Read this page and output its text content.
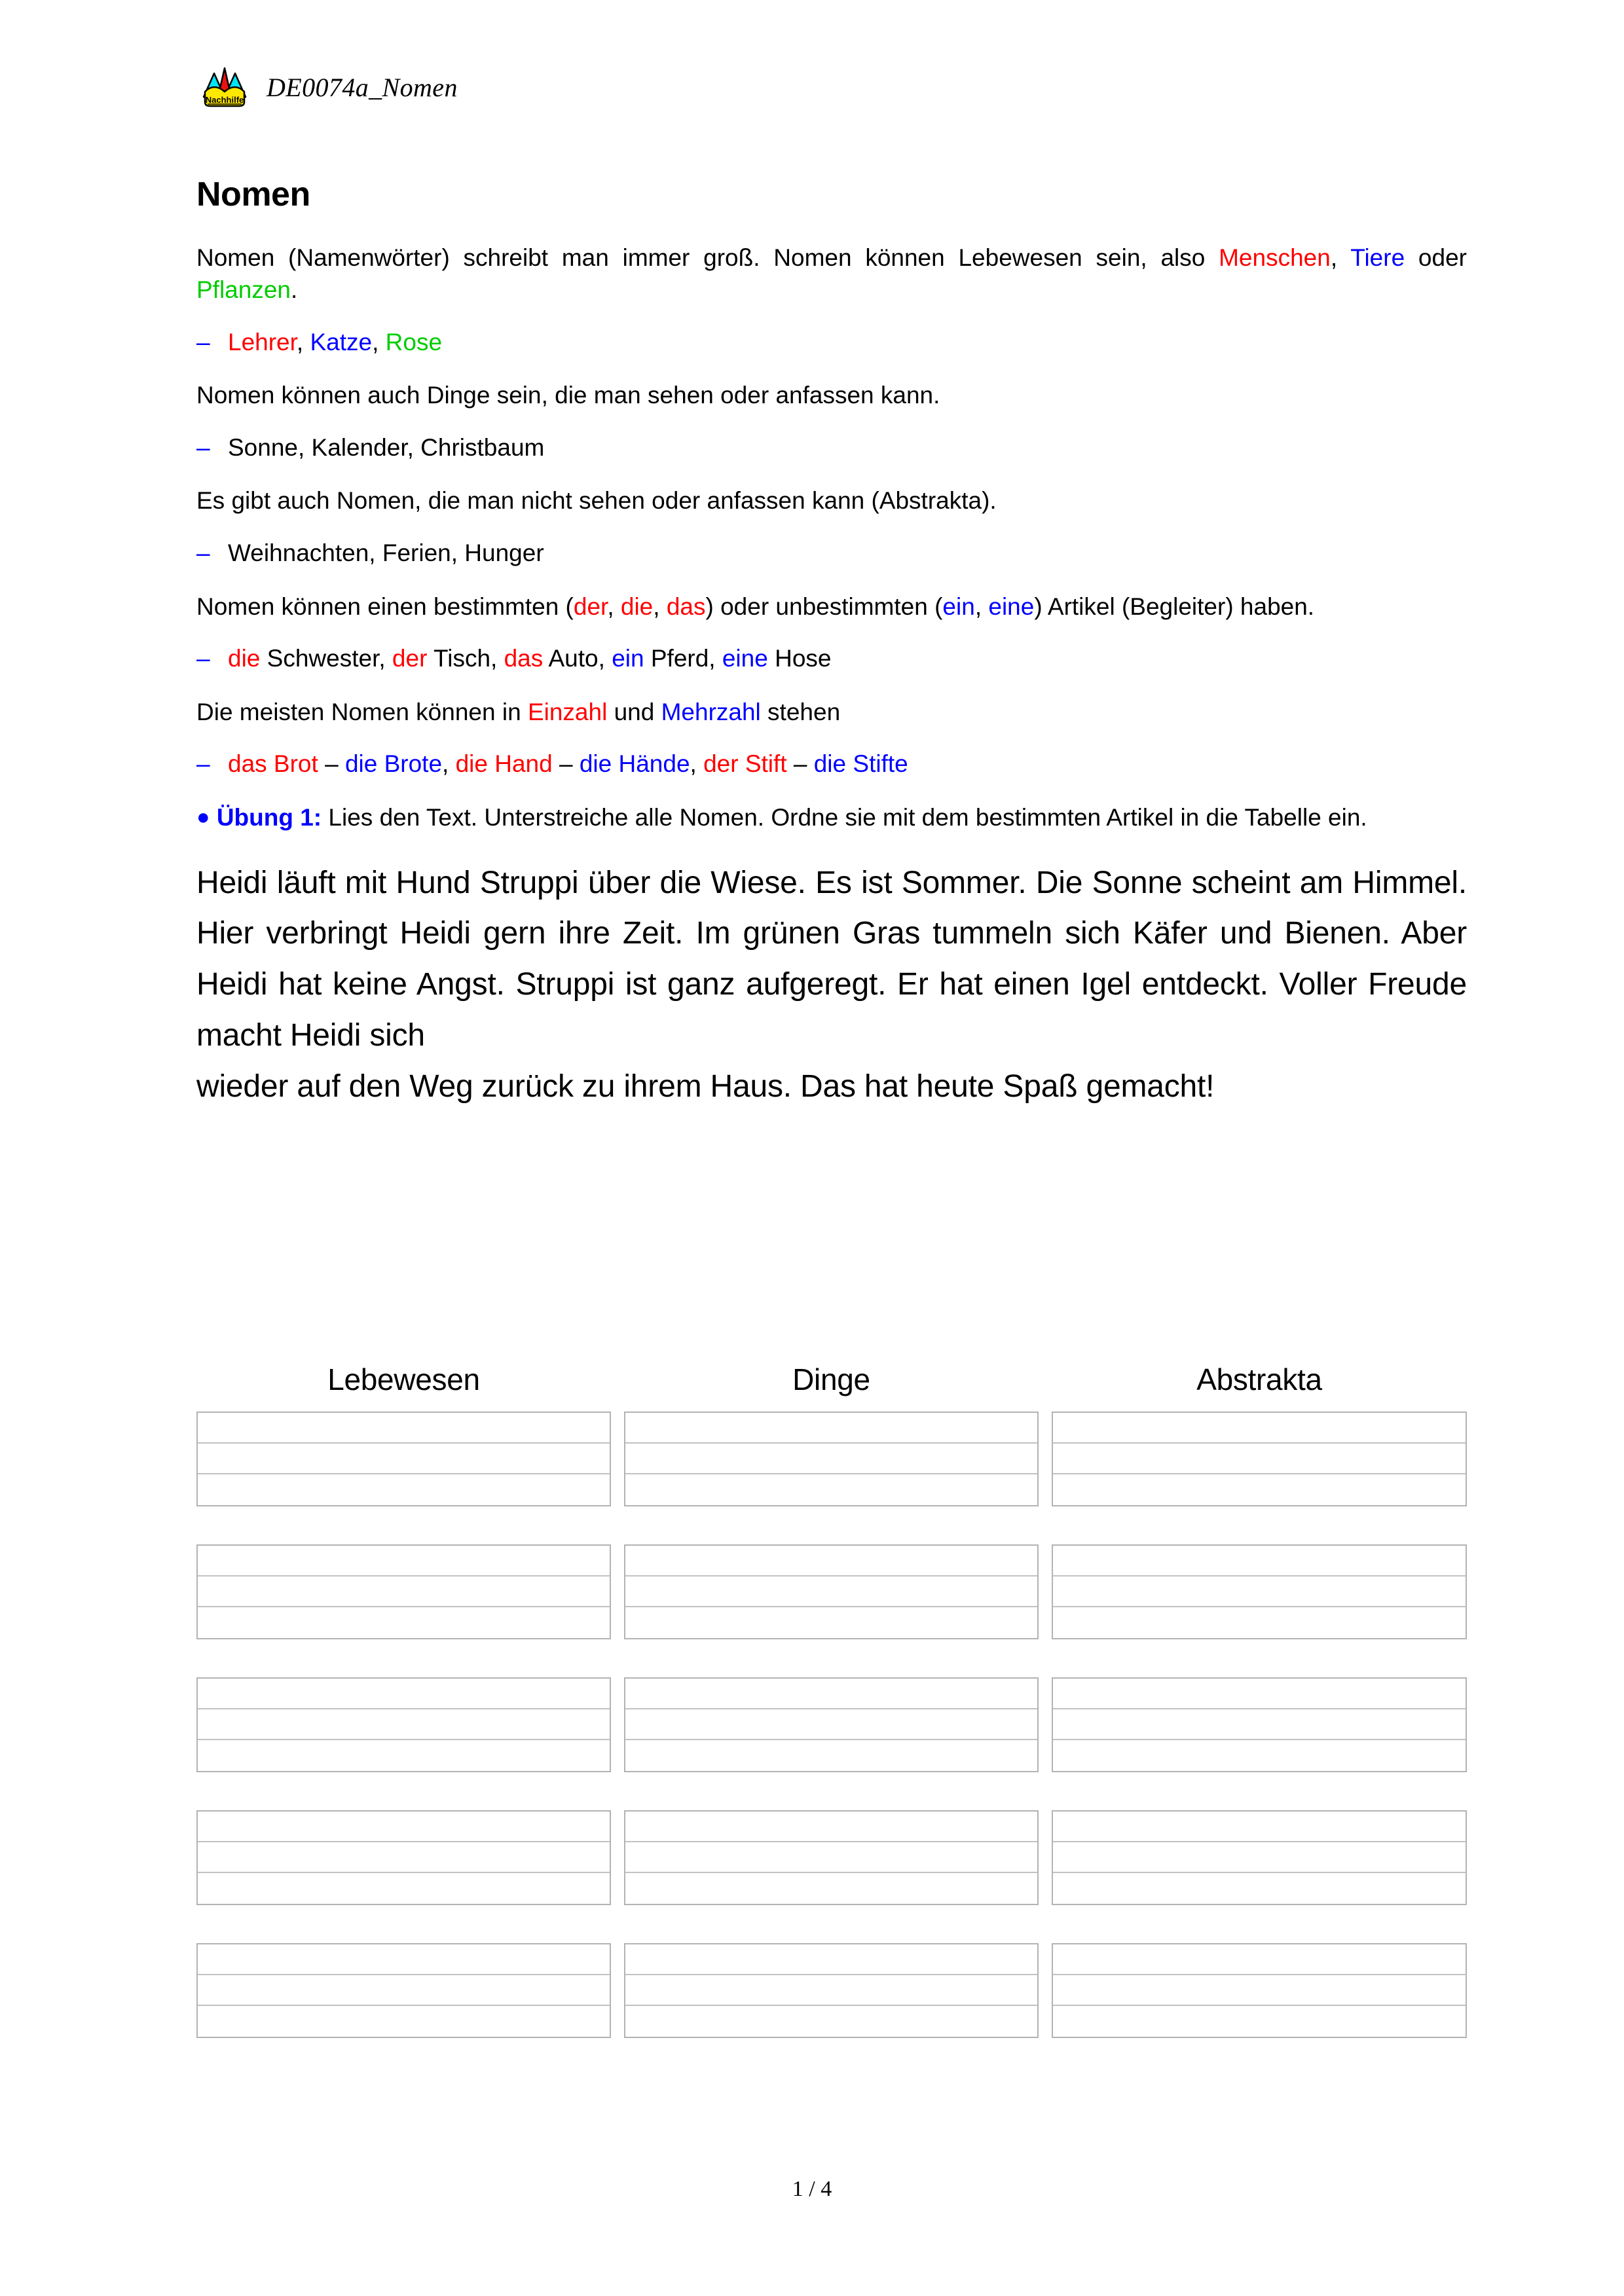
Nachhilfe DE0074a_Nomen
Nomen

Nomen (Namenwörter) schreibt man immer groß. Nomen können Lebewesen sein, also Menschen, Tiere oder Pflanzen.

– Lehrer, Katze, Rose

Nomen können auch Dinge sein, die man sehen oder anfassen kann.

– Sonne, Kalender, Christbaum

Es gibt auch Nomen, die man nicht sehen oder anfassen kann (Abstrakta).

– Weihnachten, Ferien, Hunger

Nomen können einen bestimmten (der, die, das) oder unbestimmten (ein, eine) Artikel (Begleiter) haben.

– die Schwester, der Tisch, das Auto, ein Pferd, eine Hose

Die meisten Nomen können in Einzahl und Mehrzahl stehen

– das Brot – die Brote, die Hand – die Hände, der Stift – die Stifte

● Übung 1: Lies den Text. Unterstreiche alle Nomen. Ordne sie mit dem bestimmten Artikel in die Tabelle ein.

Heidi läuft mit Hund Struppi über die Wiese. Es ist Sommer. Die Sonne scheint am Himmel. Hier verbringt Heidi gern ihre Zeit. Im grünen Gras tummeln sich Käfer und Bienen. Aber Heidi hat keine Angst. Struppi ist ganz aufgeregt. Er hat einen Igel entdeckt. Voller Freude macht Heidi sich
wieder auf den Weg zurück zu ihrem Haus. Das hat heute Spaß gemacht!

Lebewesen	Dinge	Abstrakta
1 / 4
